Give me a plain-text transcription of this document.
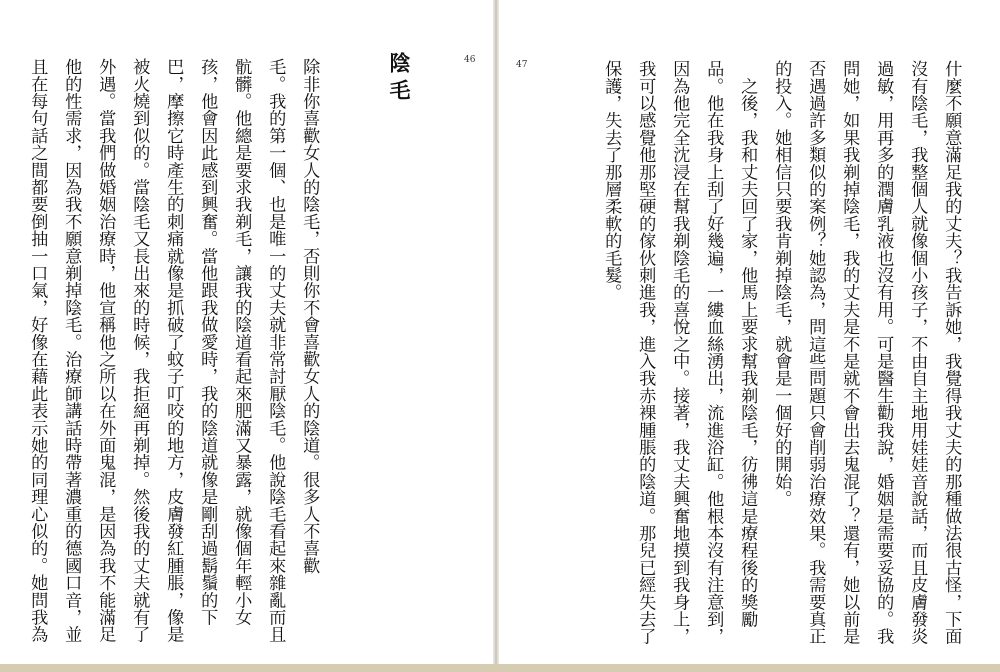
46
陰毛
除非你喜歡女人的陰毛，否則你不會喜歡女人的陰道。很多人不喜歡
毛。我的第一個、也是唯一的丈夫就非常討厭陰毛。他說陰毛看起來雜亂而且
骯髒。他總是要求我剃毛，讓我的陰道看起來肥滿又暴露，就像個年輕小女
孩，他會因此感到興奮。當他跟我做愛時，我的陰道就像是剛刮過鬍鬚的下
巴，摩擦它時產生的刺痛就像是抓破了蚊子叮咬的地方，皮膚發紅腫脹，像是
被火燒到似的。當陰毛又長出來的時候，我拒絕再剃掉。然後我的丈夫就有了
外遇。當我們做婚姻治療時，他宣稱他之所以在外面鬼混，是因為我不能滿足
他的性需求，因為我不願意剃掉陰毛。治療師講話時帶著濃重的德國口音，並
且在每句話之間都要倒抽一口氣，好像在藉此表示她的同理心似的。她問我為	47	什麼不願意滿足我的丈夫？我告訴她，我覺得我丈夫的那種做法很古怪，下面
沒有陰毛，我整個人就像個小孩子，不由自主地用娃娃音說話，而且皮膚發炎
過敏，用再多的潤膚乳液也沒有用。可是醫生勸我說，婚姻是需要妥協的。我
問她，如果我剃掉陰毛，我的丈夫是不是就不會出去鬼混了？還有，她以前是
否遇過許多類似的案例？她認為，問這些問題只會削弱治療效果。我需要真正
的投入。她相信只要我肯剃掉陰毛，就會是一個好的開始。
　之後，我和丈夫回了家，他馬上要求幫我剃陰毛，彷彿這是療程後的獎勵
品。他在我身上刮了好幾遍，一縷血絲湧出，流進浴缸。他根本沒有注意到，
因為他完全沈浸在幫我剃陰毛的喜悅之中。接著，我丈夫興奮地摸到我身上，
我可以感覺他那堅硬的傢伙刺進我，進入我赤裸腫脹的陰道。那兒已經失去了
保護，失去了那層柔軟的毛髮。
